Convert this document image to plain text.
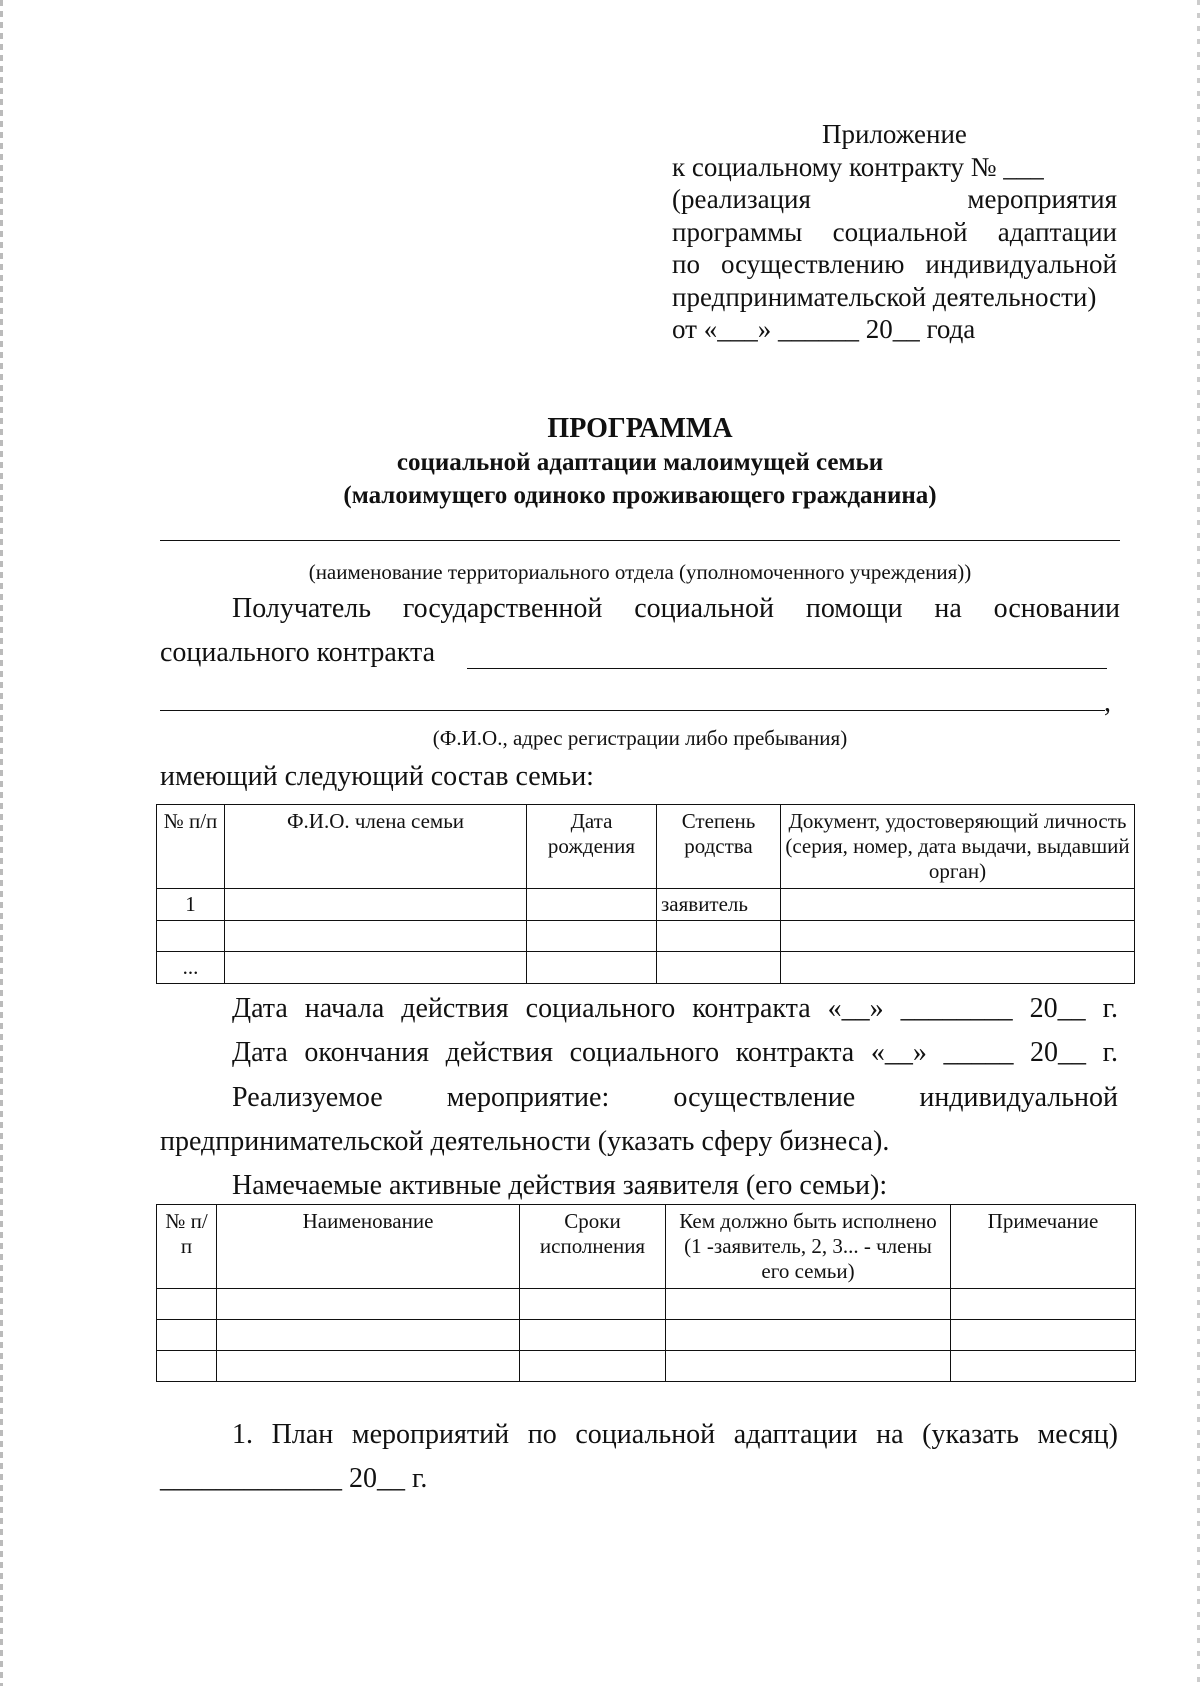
Приложение
к социальному контракту № ___
(реализация мероприятия
программы социальной адаптации
по осуществлению индивидуальной
предпринимательской деятельности)
от «___» ______ 20__ года
ПРОГРАММА
социальной адаптации малоимущей семьи
(малоимущего одиноко проживающего гражданина)
(наименование территориального отдела (уполномоченного учреждения))
Получатель государственной социальной помощи на основании
социального контракта
,
(Ф.И.О., адрес регистрации либо пребывания)
имеющий следующий состав семьи:
№ п/п	Ф.И.О. члена семьи	Дата рождения	Степень родства	Документ, удостоверяющий личность (серия, номер, дата выдачи, выдавший орган)
1			заявитель	

...				
Дата начала действия социального контракта «__» ________ 20__ г.
Дата окончания действия социального контракта «__» _____ 20__ г.
Реализуемое мероприятие: осуществление индивидуальной
предпринимательской деятельности (указать сферу бизнеса).
Намечаемые активные действия заявителя (его семьи):
№ п/п	Наименование	Сроки исполнения	Кем должно быть исполнено (1 -заявитель, 2, 3... - члены его семьи)	Примечание

1. План мероприятий по социальной адаптации на (указать месяц)
_____________ 20__ г.
